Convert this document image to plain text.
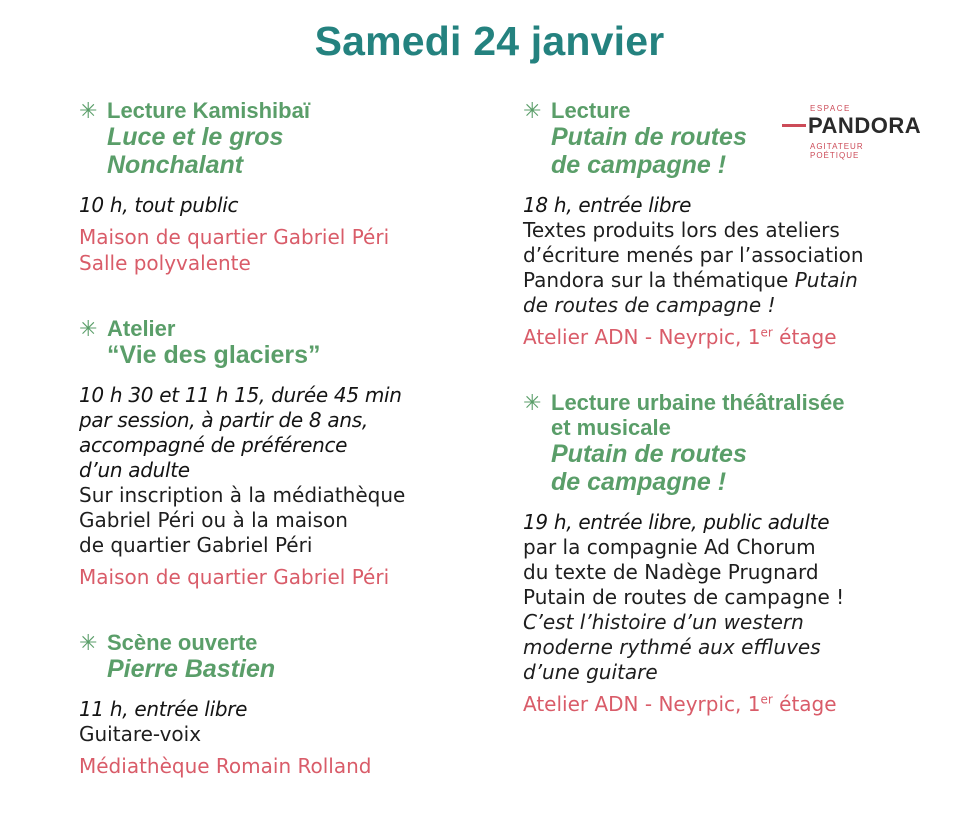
Samedi 24 janvier
ESPACE
PANDORA
AGITATEUR POÉTIQUE
✳ Lecture Kamishibaï
Luce et le gros
Nonchalant
10 h, tout public
Maison de quartier Gabriel Péri
Salle polyvalente
✳ Atelier
“Vie des glaciers”
10 h 30 et 11 h 15, durée 45 min
par session, à partir de 8 ans,
accompagné de préférence
d’un adulte
Sur inscription à la médiathèque
Gabriel Péri ou à la maison
de quartier Gabriel Péri
Maison de quartier Gabriel Péri
✳ Scène ouverte
Pierre Bastien
11 h, entrée libre
Guitare-voix
Médiathèque Romain Rolland
✳ Lecture
Putain de routes
de campagne !
18 h, entrée libre
Textes produits lors des ateliers
d’écriture menés par l’association
Pandora sur la thématique Putain
de routes de campagne !
Atelier ADN - Neyrpic, 1er étage
✳ Lecture urbaine théâtralisée
et musicale
Putain de routes
de campagne !
19 h, entrée libre, public adulte
par la compagnie Ad Chorum
du texte de Nadège Prugnard
Putain de routes de campagne !
C’est l’histoire d’un western
moderne rythmé aux effluves
d’une guitare
Atelier ADN - Neyrpic, 1er étage
